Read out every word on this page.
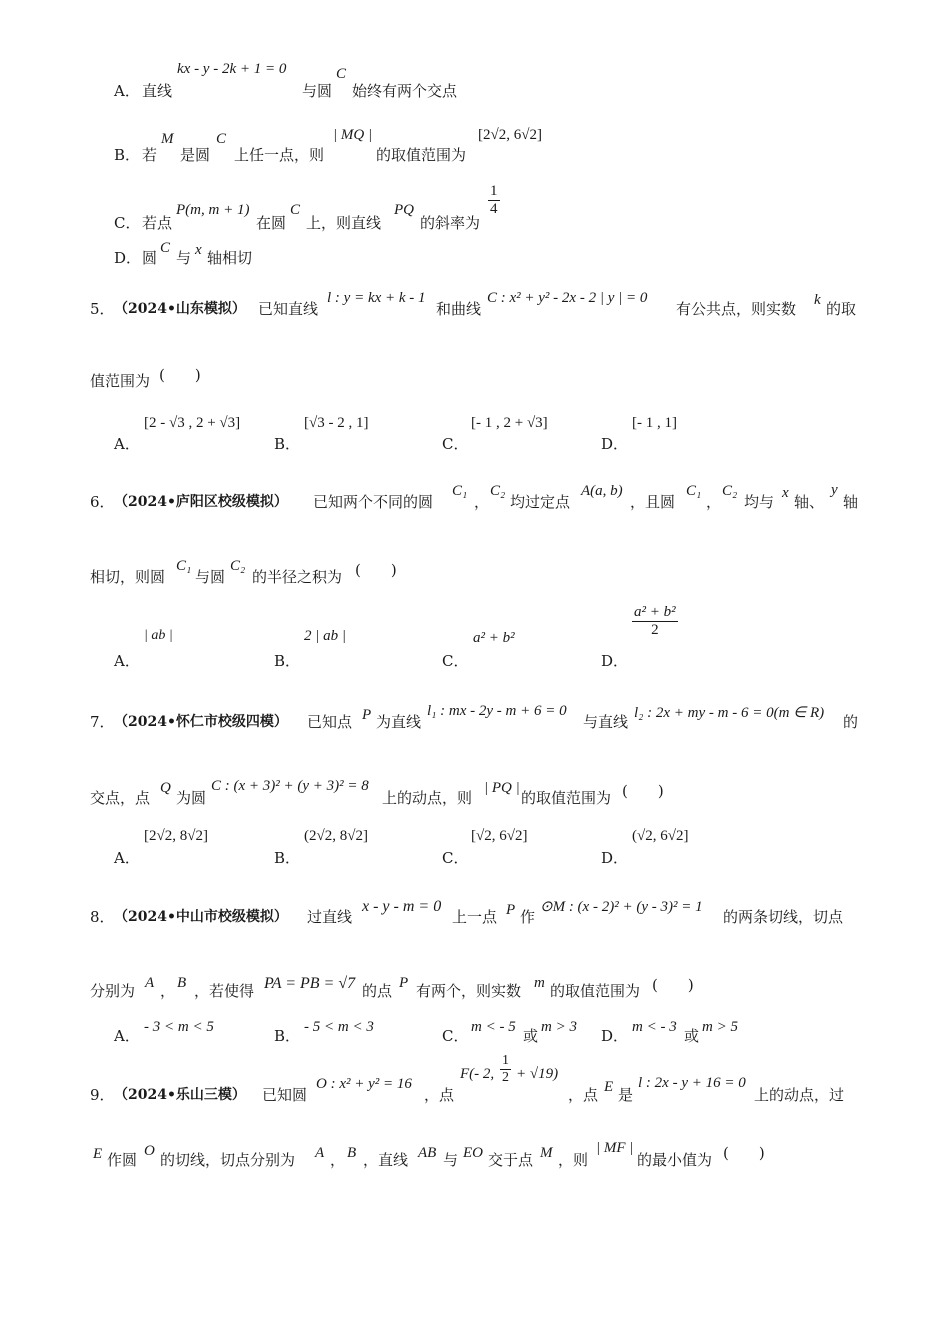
A． 直线
kx - y - 2k + 1 = 0
与圆
C
始终有两个交点
B． 若
M
是圆
C
上任一点，则
| MQ |
的取值范围为
[2√2, 6√2]
C． 若点
P(m, m + 1)
在圆
C
上，则直线
PQ
的斜率为
$\frac{1}{4}$
D． 圆
C
与 x 轴相切
5． （2024•山东模拟） 已知直线
l : y = kx + k - 1
和曲线
C : x² + y² - 2x - 2 | y | = 0
有公共点，则实数 k 的取
值范围为 (　　)
A．
[2 - √3 , 2 + √3]
B．
[√3 - 2 , 1]
C．
[- 1 , 2 + √3]
D．
[- 1 , 1]
6． （2024•庐阳区校级模拟） 已知两个不同的圆
C₁
，
C₂
均过定点
A(a, b)
，且圆
C₁
，
C₂
均与 x 轴、
y
轴
相切，则圆
C₁
与圆
C₂
的半径之积为 (　　)
A．
| ab |
B．
2 | ab |
C．
a² + b²
D．
$\frac{\text{a² + b²}}{2}$
7． （2024•怀仁市校级四模） 已知点 P 为直线
l₁ : mx - 2y - m + 6 = 0
与直线 l₂ : 2x + my - m - 6 = 0(m ∈ R) 的
交点，点
Q
为圆
C : (x + 3)² + (y + 3)² = 8
上的动点，则
| PQ |
的取值范围为 (　　)
A．
[2√2, 8√2]
B．
(2√2, 8√2]
C．
[√2, 6√2]
D．
(√2, 6√2]
8． （2024•中山市校级模拟） 过直线
x - y - m = 0
上一点 P 作
⊙M : (x - 2)² + (y - 3)² = 1
的两条切线，切点
分别为 A ， B ，若使得 PA = PB = √7 的点 P 有两个，则实数 m 的取值范围为 (　　)
A． - 3 < m < 5	B． - 5 < m < 3	C． m < - 5 或 m > 3 D． m < - 3 或 m > 5
9． （2024•乐山三模） 已知圆
O : x² + y² = 16
，点
F(- 2, $\frac{1}{2} + √19$)
，点 E 是
l : 2x - y + 16 = 0
上的动点，过
E 作圆 O 的切线，切点分别为 A ， B ，直线 AB 与 EO 交于点 M ，则
| MF |
的最小值为 (　　)
